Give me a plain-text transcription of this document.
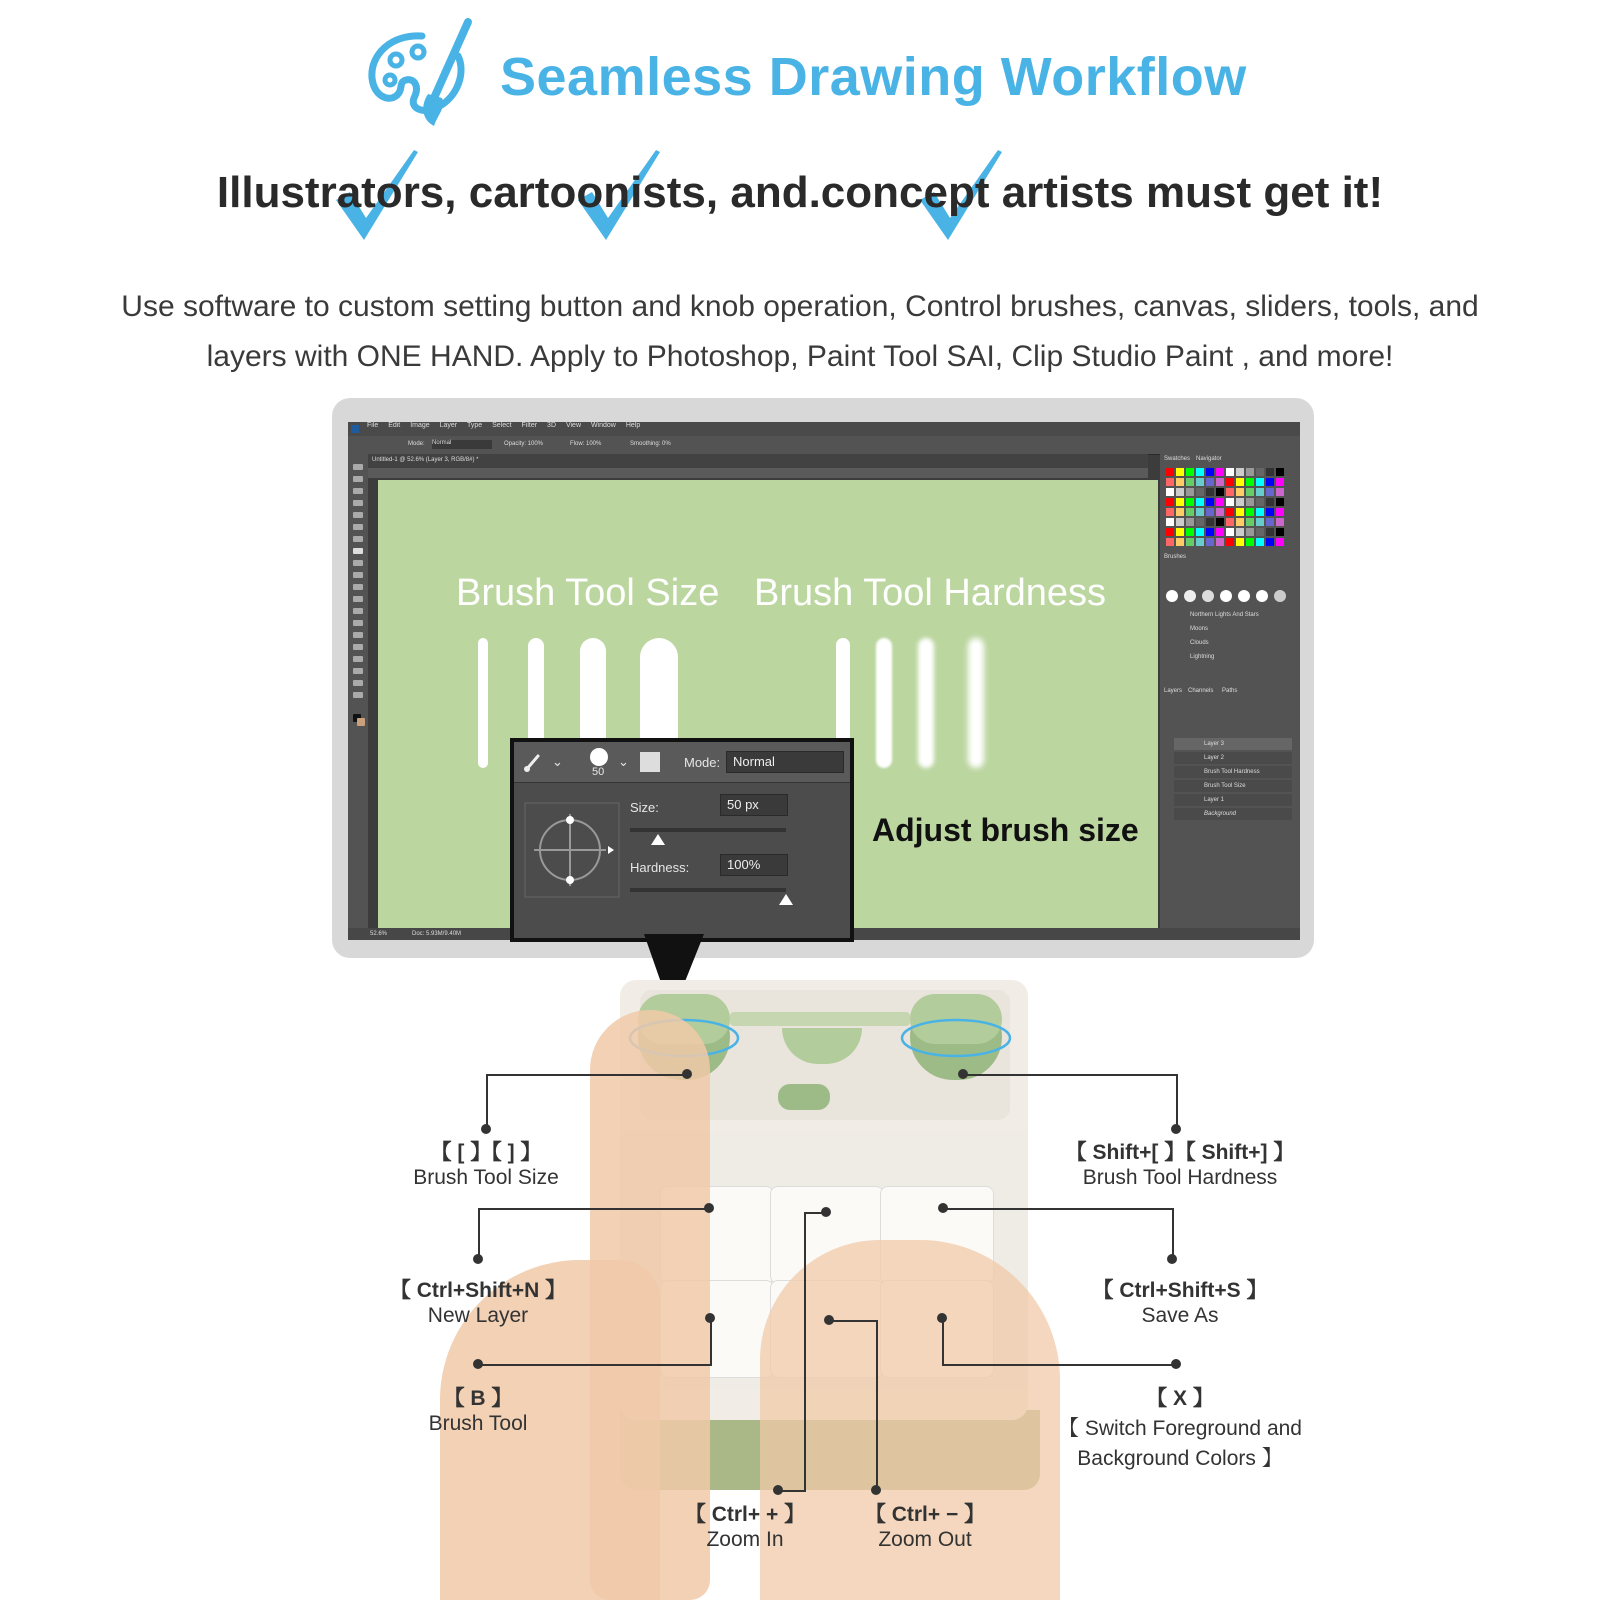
Seamless Drawing Workflow
Illustrators, cartoonists, and.concept artists must get it!
Use software to custom setting button and knob operation, Control brushes, canvas, sliders, tools, and
layers with ONE HAND. Apply to Photoshop, Paint Tool SAI, Clip Studio Paint , and more!
File Edit Image Layer Type Select Filter 3D View Window Help
Mode: Normal	Opacity: 100%	Flow: 100%	Smoothing: 0%
Untitled-1 @ 52.6% (Layer 3, RGB/8#) *
Brush Tool Size Brush Tool Hardness
Swatches Navigator
Brushes
Northern Lights And Stars
Moons
Clouds
Lightning
Layers Channels Paths
Layer 3
Layer 2
Brush Tool Hardness
Brush Tool Size
Layer 1
Background
52.6%	Doc: 5.93M/9.40M
⌄
50
⌄	Mode: Normal
Size:	50 px
Hardness:	100%
Adjust brush size
【 [ 】【 ] 】
Brush Tool Size
【 Shift+[ 】【 Shift+] 】
Brush Tool Hardness
【 Ctrl+Shift+N 】
New Layer
【 Ctrl+Shift+S 】
Save As
【 B 】
Brush Tool
【 X 】
【 Switch Foreground and
Background Colors 】
【 Ctrl+ + 】
Zoom In
【 Ctrl+ − 】
Zoom Out
